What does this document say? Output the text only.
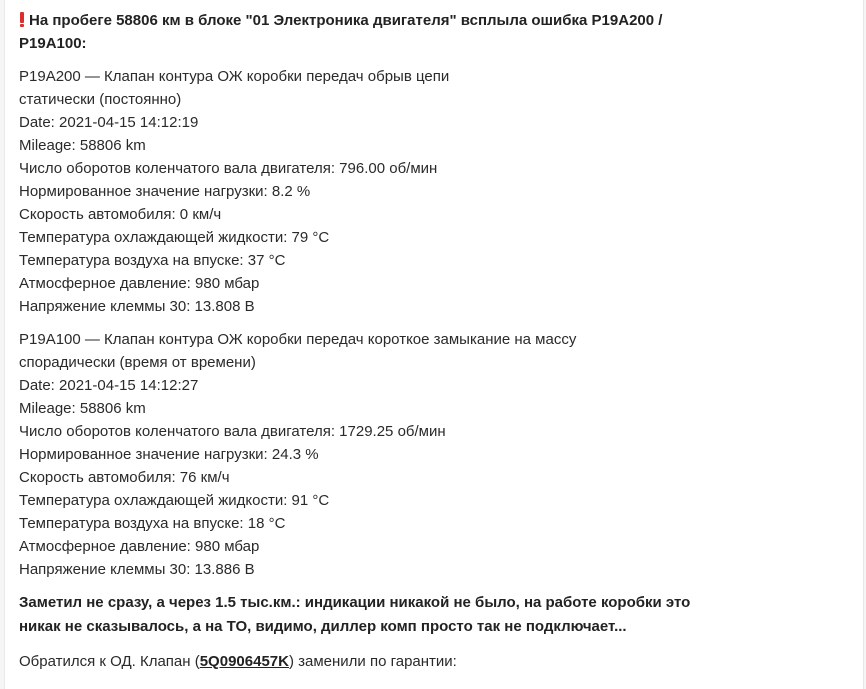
На пробеге 58806 км в блоке "01 Электроника двигателя" всплыла ошибка P19A200 /
P19A100:
P19A200 — Клапан контура ОЖ коробки передач обрыв цепи
статически (постоянно)
Date: 2021-04-15 14:12:19
Mileage: 58806 km
Число оборотов коленчатого вала двигателя: 796.00 об/мин
Нормированное значение нагрузки: 8.2 %
Скорость автомобиля: 0 км/ч
Температура охлаждающей жидкости: 79 °C
Температура воздуха на впуске: 37 °C
Атмосферное давление: 980 мбар
Напряжение клеммы 30: 13.808 В
P19A100 — Клапан контура ОЖ коробки передач короткое замыкание на массу
спорадически (время от времени)
Date: 2021-04-15 14:12:27
Mileage: 58806 km
Число оборотов коленчатого вала двигателя: 1729.25 об/мин
Нормированное значение нагрузки: 24.3 %
Скорость автомобиля: 76 км/ч
Температура охлаждающей жидкости: 91 °C
Температура воздуха на впуске: 18 °C
Атмосферное давление: 980 мбар
Напряжение клеммы 30: 13.886 В
Заметил не сразу, а через 1.5 тыс.км.: индикации никакой не было, на работе коробки это
никак не сказывалось, а на ТО, видимо, диллер комп просто так не подключает...
Обратился к ОД. Клапан (5Q0906457K) заменили по гарантии:
